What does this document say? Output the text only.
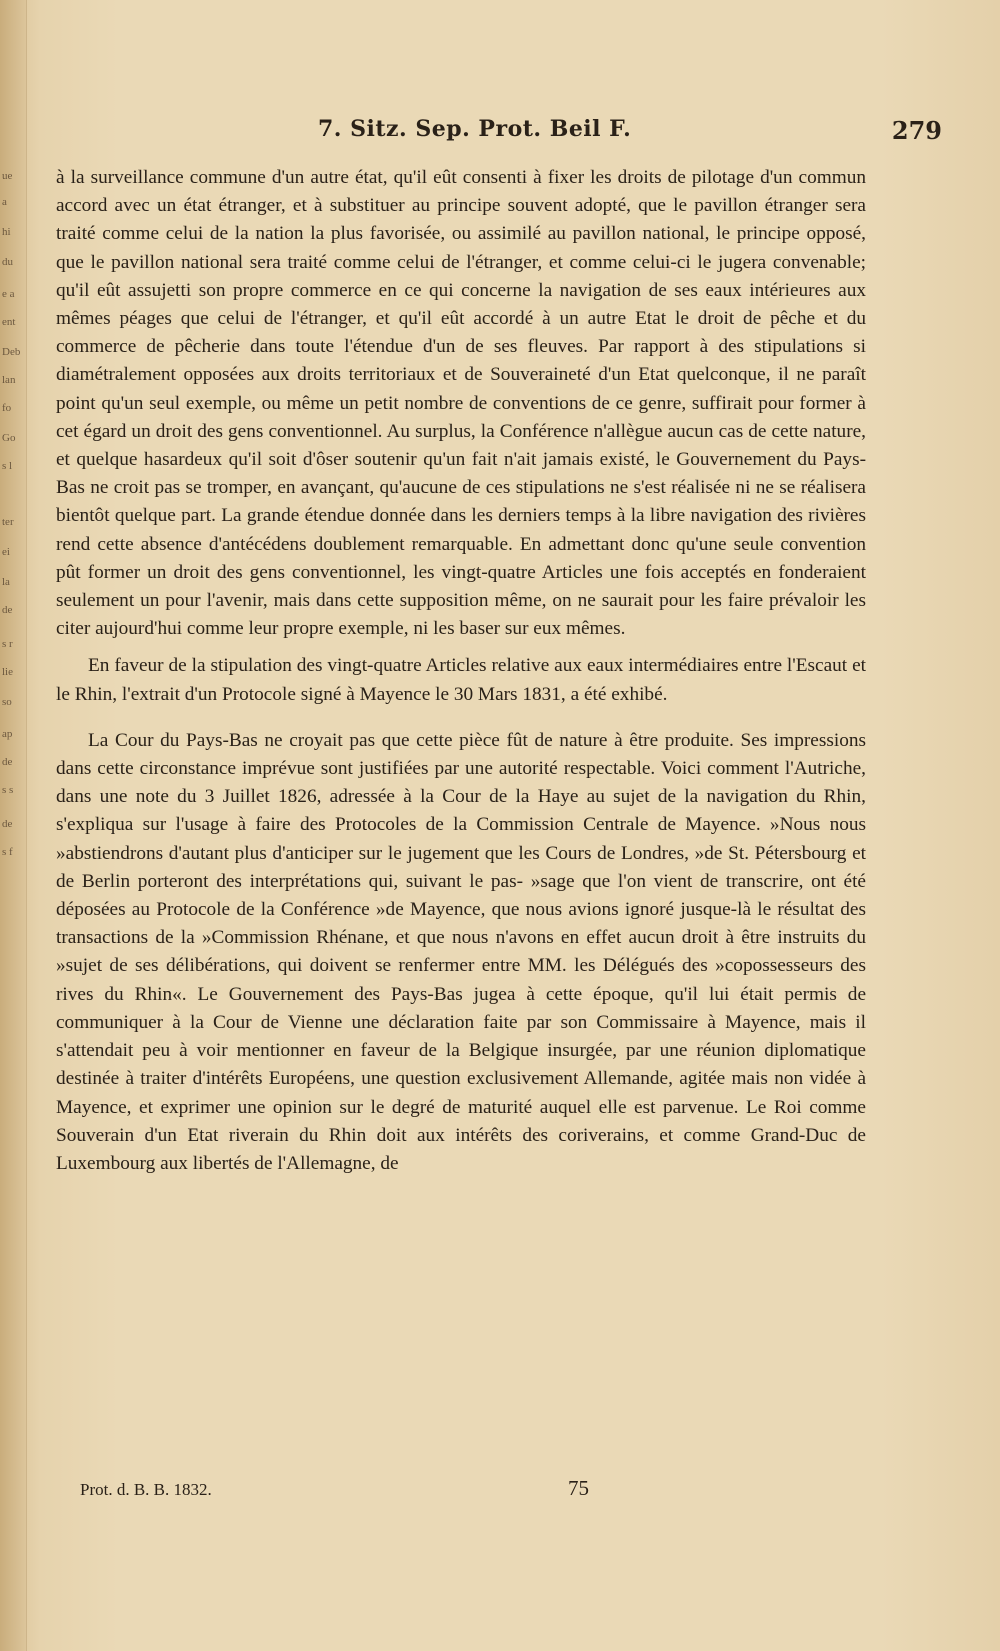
ue
a
hi
du
e a
ent
Deb
lan
fo
Go
s l
ter
ei
la
de
s r
lie
so
ap
de
s s
de
s f
7. Sitz. Sep. Prot. Beil F.	279

à la surveillance commune d'un autre état, qu'il eût consenti à fixer les droits de pilotage d'un commun accord avec un état étranger, et à substituer au principe souvent adopté, que le pavillon étranger sera traité comme celui de la nation la plus favorisée, ou assimilé au pavillon national, le principe opposé, que le pavillon national sera traité comme celui de l'étranger, et comme celui-ci le jugera convenable; qu'il eût assujetti son propre commerce en ce qui concerne la navigation de ses eaux intérieures aux mêmes péages que celui de l'étranger, et qu'il eût accordé à un autre Etat le droit de pêche et du commerce de pêcherie dans toute l'étendue d'un de ses fleuves. Par rapport à des stipulations si diamétralement opposées aux droits territoriaux et de Souveraineté d'un Etat quelconque, il ne paraît point qu'un seul exemple, ou même un petit nombre de conventions de ce genre, suffirait pour former à cet égard un droit des gens conventionnel. Au surplus, la Conférence n'allègue aucun cas de cette nature, et quelque hasardeux qu'il soit d'ôser soutenir qu'un fait n'ait jamais existé, le Gouvernement du Pays-Bas ne croit pas se tromper, en avançant, qu'aucune de ces stipulations ne s'est réalisée ni ne se réalisera bientôt quelque part. La grande étendue donnée dans les derniers temps à la libre navigation des rivières rend cette absence d'antécédens doublement remarquable. En admettant donc qu'une seule convention pût former un droit des gens conventionnel, les vingt-quatre Articles une fois acceptés en fonderaient seulement un pour l'avenir, mais dans cette supposition même, on ne saurait pour les faire prévaloir les citer aujourd'hui comme leur propre exemple, ni les baser sur eux mêmes.

En faveur de la stipulation des vingt-quatre Articles relative aux eaux intermédiaires entre l'Escaut et le Rhin, l'extrait d'un Protocole signé à Mayence le 30 Mars 1831, a été exhibé.

La Cour du Pays-Bas ne croyait pas que cette pièce fût de nature à être produite. Ses impressions dans cette circonstance imprévue sont justifiées par une autorité respectable. Voici comment l'Autriche, dans une note du 3 Juillet 1826, adressée à la Cour de la Haye au sujet de la navigation du Rhin, s'expliqua sur l'usage à faire des Protocoles de la Commission Centrale de Mayence. »Nous nous »abstiendrons d'autant plus d'anticiper sur le jugement que les Cours de Londres, »de St. Pétersbourg et de Berlin porteront des interprétations qui, suivant le pas- »sage que l'on vient de transcrire, ont été déposées au Protocole de la Conférence »de Mayence, que nous avions ignoré jusque-là le résultat des transactions de la »Commission Rhénane, et que nous n'avons en effet aucun droit à être instruits du »sujet de ses délibérations, qui doivent se renfermer entre MM. les Délégués des »copossesseurs des rives du Rhin«. Le Gouvernement des Pays-Bas jugea à cette époque, qu'il lui était permis de communiquer à la Cour de Vienne une déclaration faite par son Commissaire à Mayence, mais il s'attendait peu à voir mentionner en faveur de la Belgique insurgée, par une réunion diplomatique destinée à traiter d'intérêts Européens, une question exclusivement Allemande, agitée mais non vidée à Mayence, et exprimer une opinion sur le degré de maturité auquel elle est parvenue. Le Roi comme Souverain d'un Etat riverain du Rhin doit aux intérêts des coriverains, et comme Grand-Duc de Luxembourg aux libertés de l'Allemagne, de

Prot. d. B. B. 1832.	75
